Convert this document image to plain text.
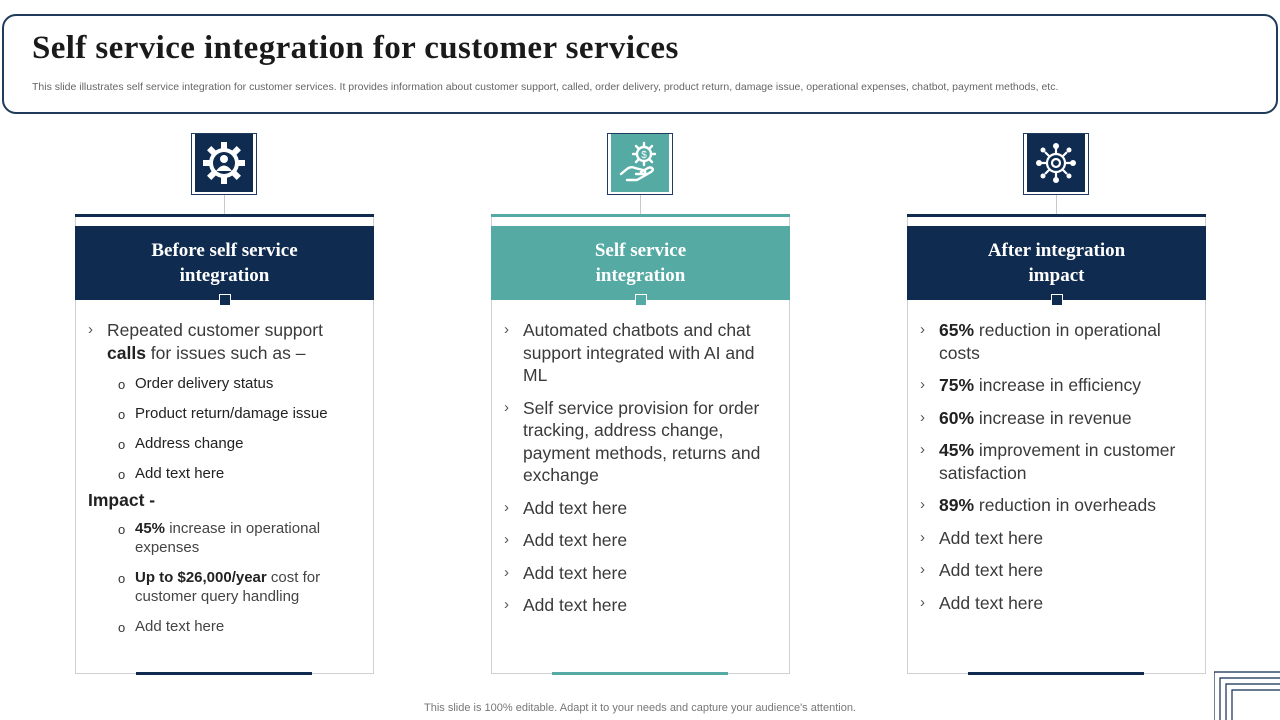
Self service integration for customer services
This slide illustrates self service integration for customer services. It provides information about customer support, called, order delivery, product return, damage issue, operational expenses, chatbot, payment methods, etc.
$
Before self service
integration
› Repeated customer support calls for issues such as –
o Order delivery status
o Product return/damage issue
o Address change
o Add text here
Impact -
o 45% increase in operational expenses
o Up to $26,000/year cost for customer query handling
o Add text here
Self service
integration
› Automated chatbots and chat support integrated with AI and ML
› Self service provision for order tracking, address change, payment methods, returns and exchange
› Add text here
› Add text here
› Add text here
› Add text here
After integration
impact
› 65% reduction in operational costs
› 75% increase in efficiency
› 60% increase in revenue
› 45% improvement in customer satisfaction
› 89% reduction in overheads
› Add text here
› Add text here
› Add text here
This slide is 100% editable. Adapt it to your needs and capture your audience's attention.
